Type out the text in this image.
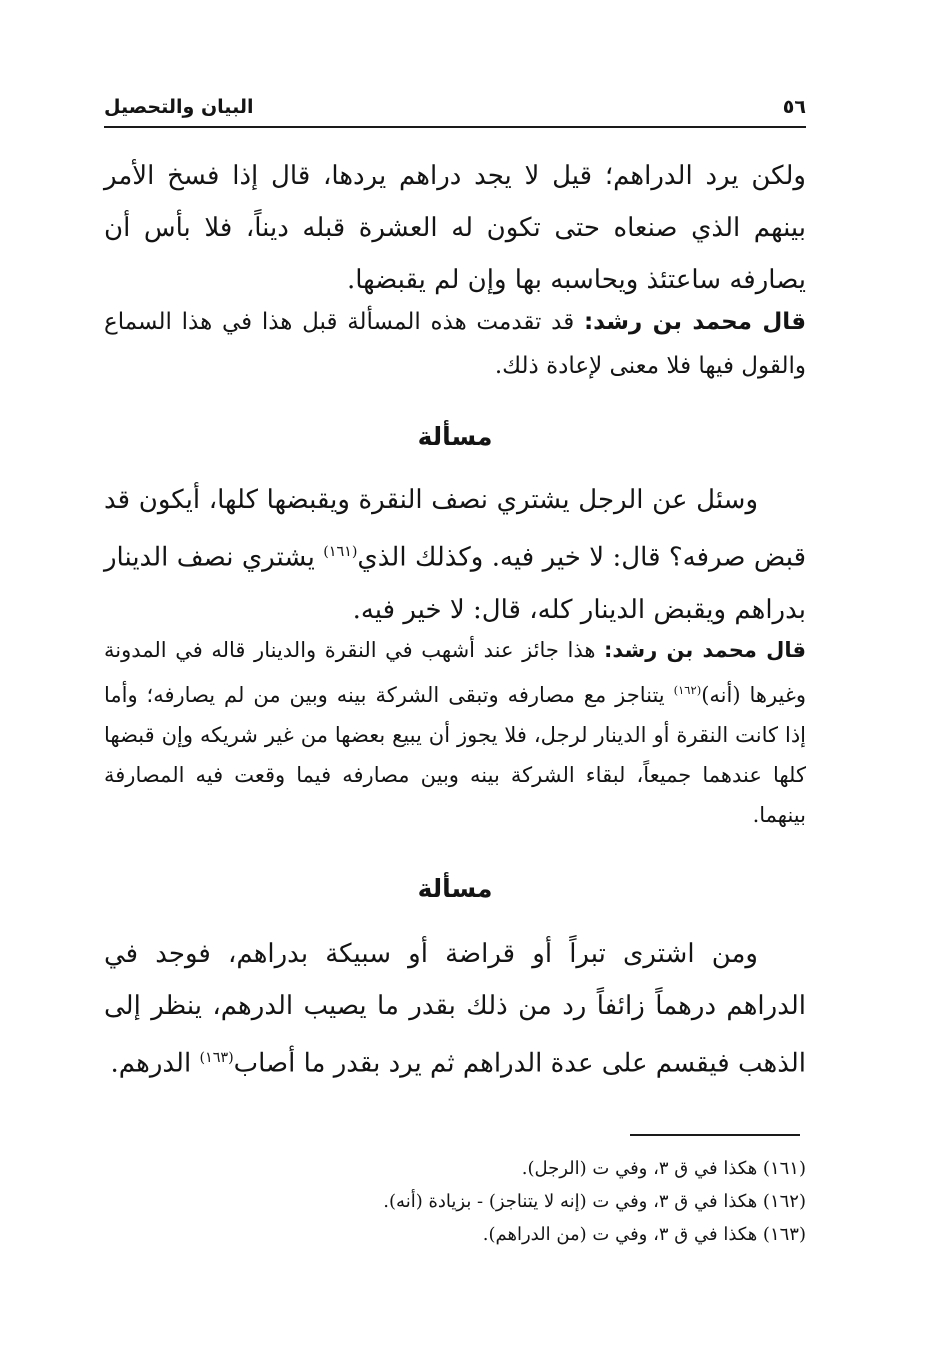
٥٦
البيان والتحصيل

ولكن يرد الدراهم؛ قيل لا يجد دراهم يردها، قال إذا فسخ الأمر بينهم الذي صنعاه حتى تكون له العشرة قبله ديناً، فلا بأس أن يصارفه ساعتئذ ويحاسبه بها وإن لم يقبضها.

قال محمد بن رشد: قد تقدمت هذه المسألة قبل هذا في هذا السماع والقول فيها فلا معنى لإعادة ذلك.

مسألة

وسئل عن الرجل يشتري نصف النقرة ويقبضها كلها، أيكون قد قبض صرفه؟ قال: لا خير فيه. وكذلك الذي$^{(١٦١)}$ يشتري نصف الدينار بدراهم ويقبض الدينار كله، قال: لا خير فيه.

قال محمد بن رشد: هذا جائز عند أشهب في النقرة والدينار قاله في المدونة وغيرها (أنه)$^{(١٦٢)}$ يتناجز مع مصارفه وتبقى الشركة بينه وبين من لم يصارفه؛ وأما إذا كانت النقرة أو الدينار لرجل، فلا يجوز أن يبيع بعضها من غير شريكه وإن قبضها كلها عندهما جميعاً، لبقاء الشركة بينه وبين مصارفه فيما وقعت فيه المصارفة بينهما.

مسألة

ومن اشترى تبراً أو قراضة أو سبيكة بدراهم، فوجد في الدراهم درهماً زائفاً رد من ذلك بقدر ما يصيب الدرهم، ينظر إلى الذهب فيقسم على عدة الدراهم ثم يرد بقدر ما أصاب$^{(١٦٣)}$ الدرهم.

(١٦١) هكذا في ق ٣، وفي ت (الرجل).

(١٦٢) هكذا في ق ٣، وفي ت (إنه لا يتناجز) - بزيادة (أنه).

(١٦٣) هكذا في ق ٣، وفي ت (من الدراهم).
